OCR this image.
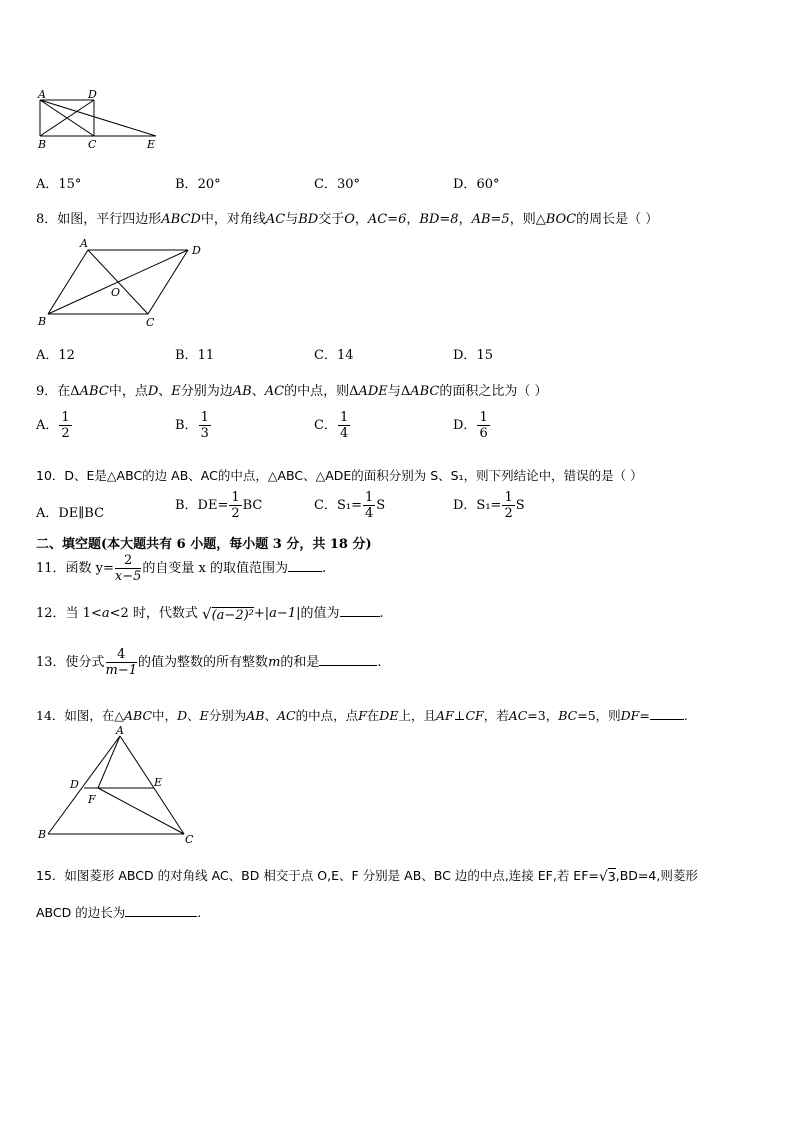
A	D
B	C	E
A．15°	B．20°	C．30°	D．60°
8．如图，平行四边形ABCD中，对角线AC与BD交于O，AC=6，BD=8，AB=5，则△BOC的周长是（ ）
A
D
O
B	C
A．12	B．11	C．14	D．15
9．在ΔABC中，点D、E分别为边AB、AC的中点，则ΔADE与ΔABC的面积之比为（ ）
A． $\frac{1}{2}$	B． $\frac{1}{3}$	C． $\frac{1}{4}$	D． $\frac{1}{6}$
10．D、E是△ABC的边 AB、AC的中点，△ABC、△ADE的面积分别为 S、S₁，则下列结论中，错误的是（ ）
A．DE∥BC
B．$DE= \frac{1}{2}$ BC	C．$S_1= \frac{1}{4}$ S	D．$S_1= \frac{1}{2}$ S
二、填空题(本大题共有 6 小题，每小题 3 分，共 18 分)
11．函数 $y= \frac{2}{x-5}$ 的自变量 x 的取值范围为	.
12．当 1<a<2 时，代数式 √(a−2)²+|a−1|的值为	.
13．使分式 $\frac{4}{m-1}$ 的值为整数的所有整数m的和是	.
14．如图，在△ABC中，D、E分别为AB、AC的中点，点F在DE上，且AF⊥CF，若AC=3，BC=5，则DF=	.
A
D	E
F
B	C
15．如图菱形 ABCD 的对角线 AC、BD 相交于点 O,E、F 分别是 AB、BC 边的中点,连接 EF,若 EF=√3,BD=4,则菱形
ABCD 的边长为	.
